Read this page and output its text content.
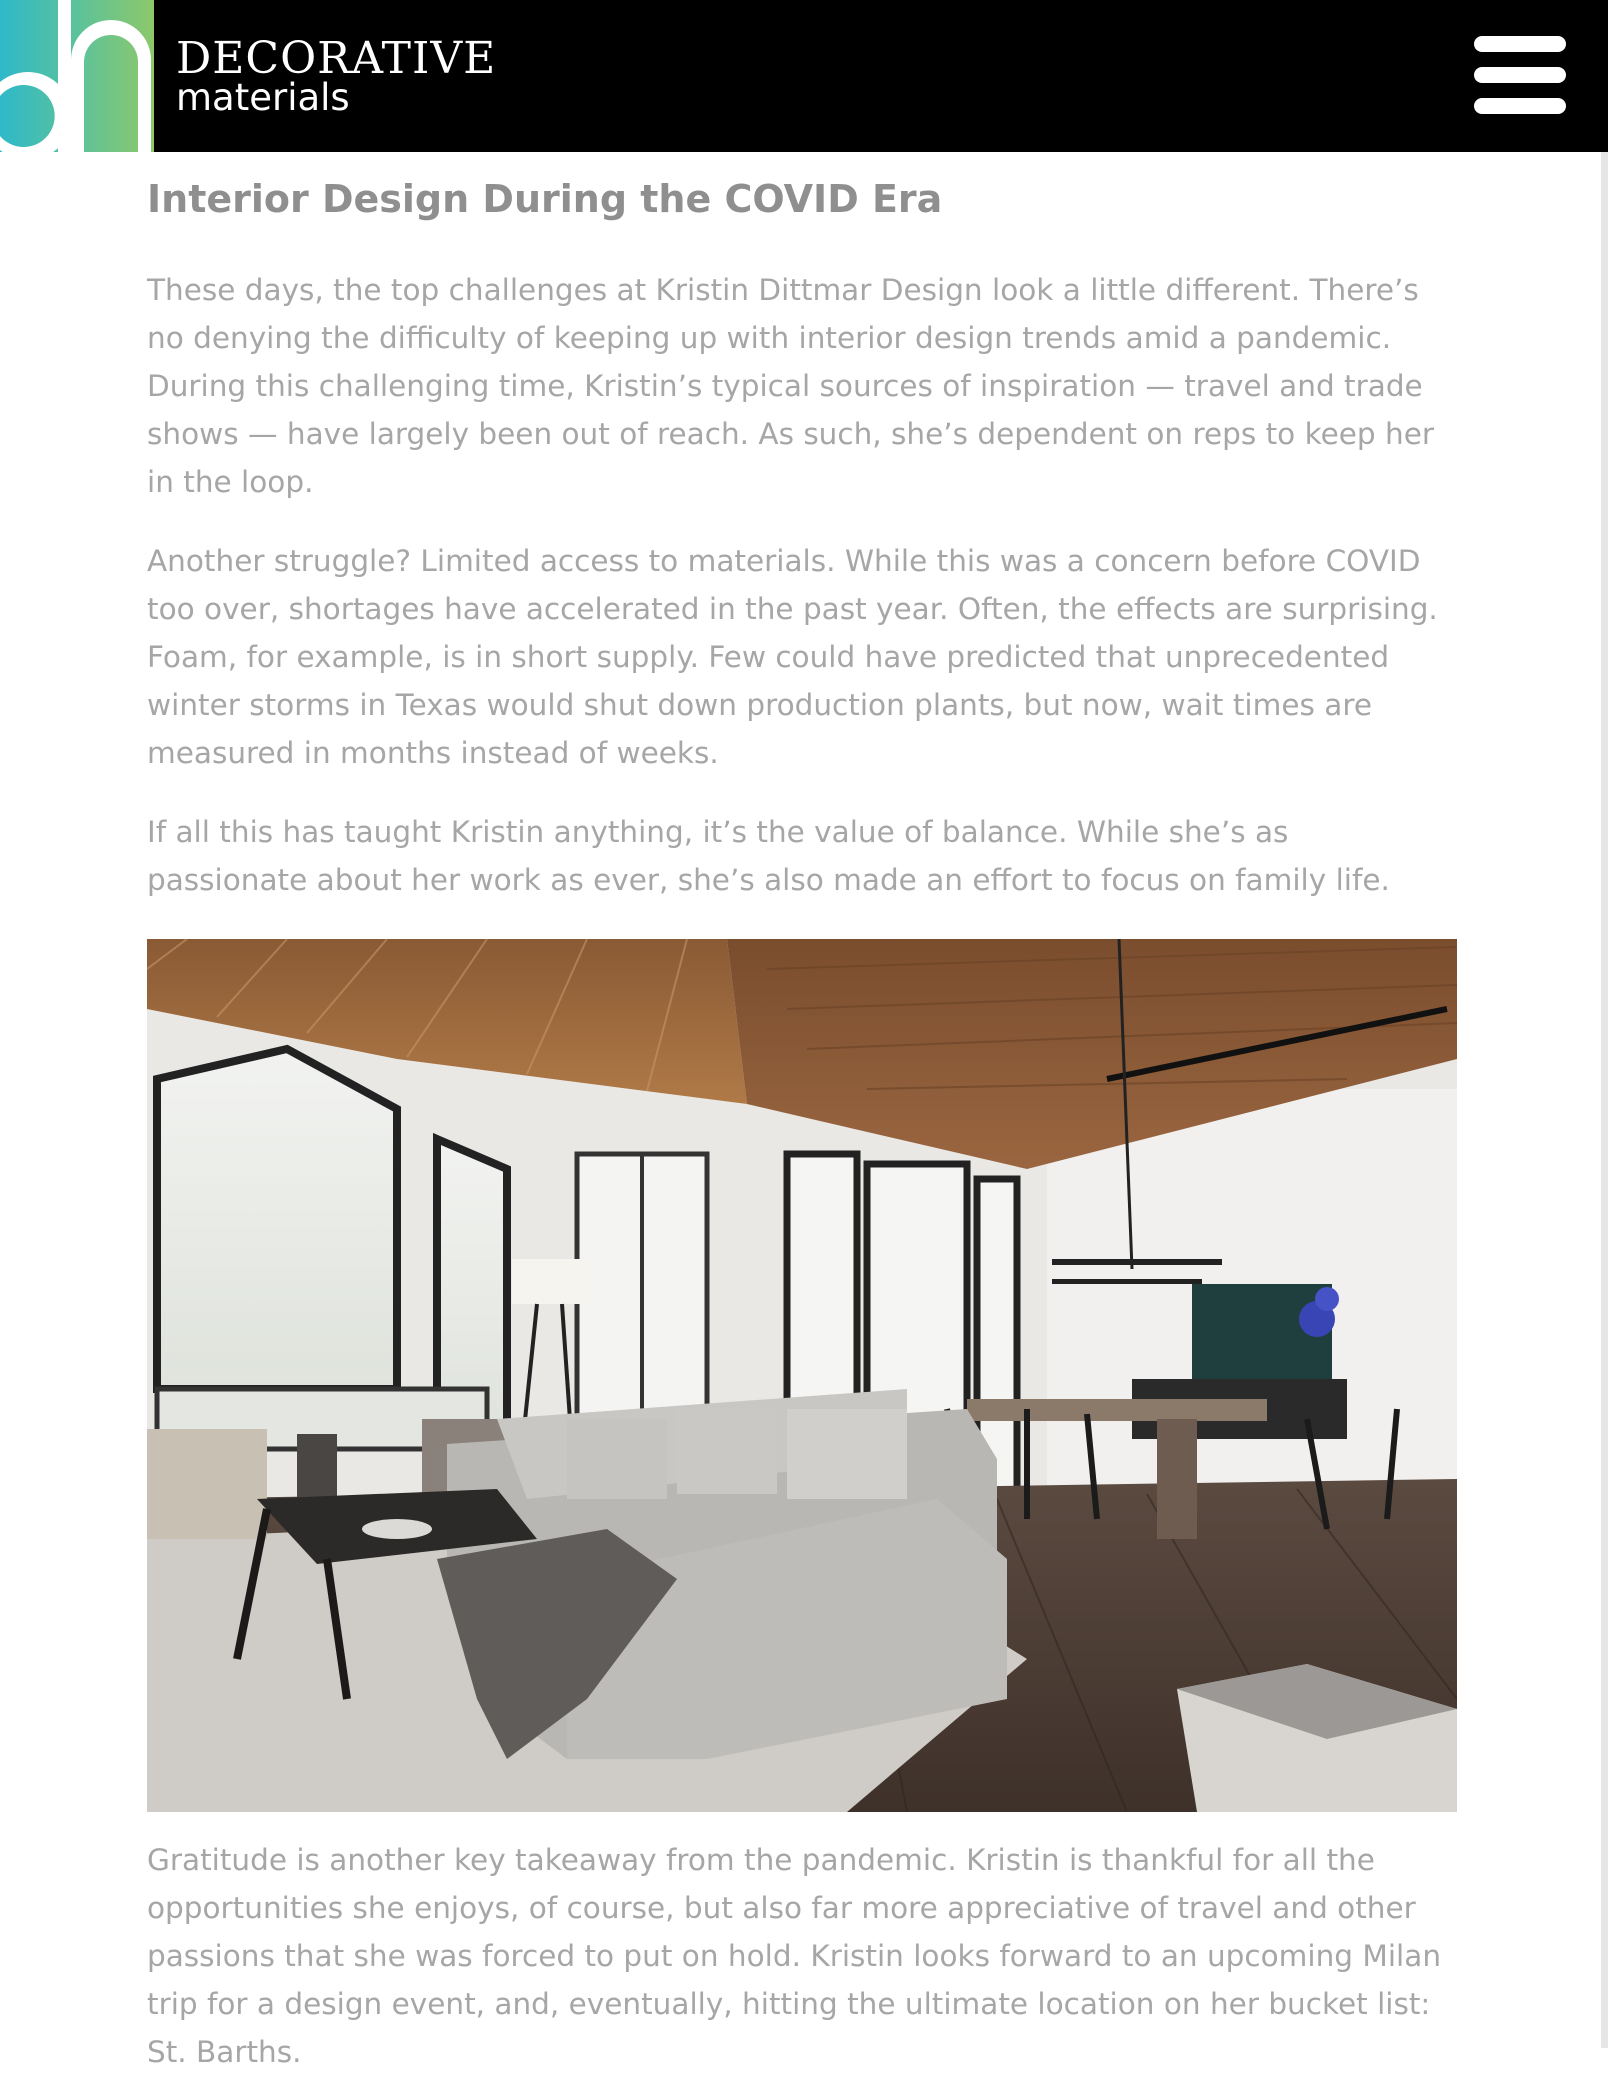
DECORATIVE
materials
Interior Design During the COVID Era

These days, the top challenges at Kristin Dittmar Design look a little different. There’s no denying the difficulty of keeping up with interior design trends amid a pandemic. During this challenging time, Kristin’s typical sources of inspiration — travel and trade shows — have largely been out of reach. As such, she’s dependent on reps to keep her in the loop.

Another struggle? Limited access to materials. While this was a concern before COVID too over, shortages have accelerated in the past year. Often, the effects are surprising. Foam, for example, is in short supply. Few could have predicted that unprecedented winter storms in Texas would shut down production plants, but now, wait times are measured in months instead of weeks.

If all this has taught Kristin anything, it’s the value of balance. While she’s as passionate about her work as ever, she’s also made an effort to focus on family life.

Gratitude is another key takeaway from the pandemic. Kristin is thankful for all the opportunities she enjoys, of course, but also far more appreciative of travel and other passions that she was forced to put on hold. Kristin looks forward to an upcoming Milan trip for a design event, and, eventually, hitting the ultimate location on her bucket list: St. Barths.
